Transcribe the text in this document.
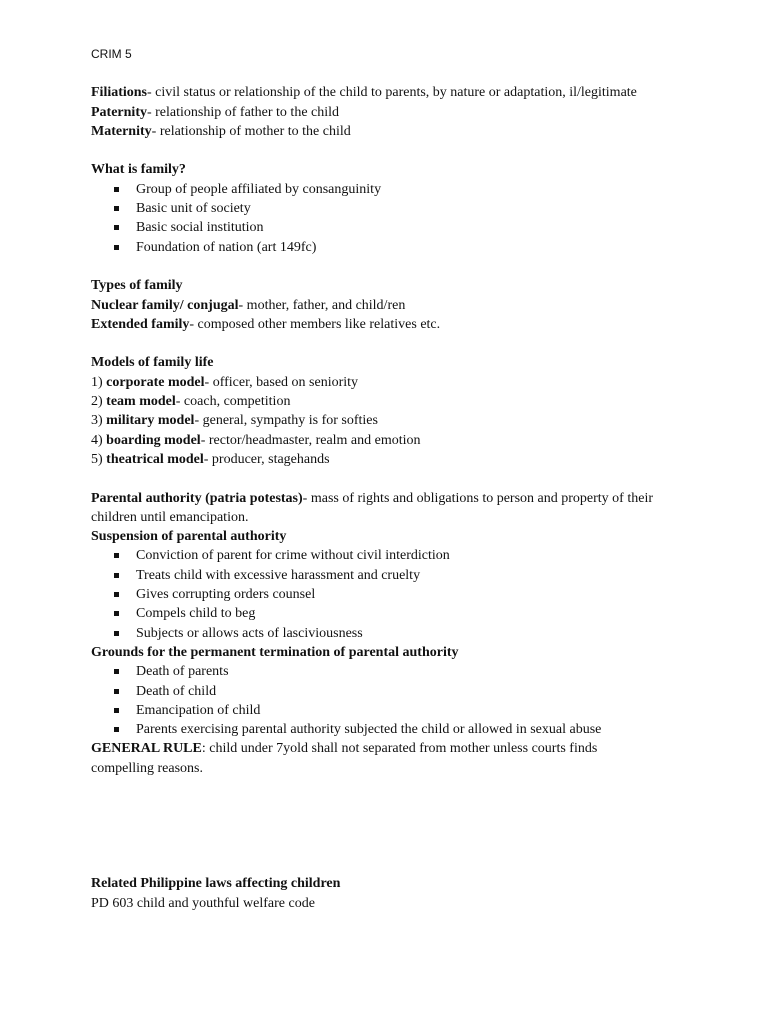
CRIM 5
Filiations- civil status or relationship of the child to parents, by nature or adaptation, il/legitimate
Paternity- relationship of father to the child
Maternity- relationship of mother to the child
What is family?
Group of people affiliated by consanguinity
Basic unit of society
Basic social institution
Foundation of nation (art 149fc)
Types of family
Nuclear family/ conjugal- mother, father, and child/ren
Extended family- composed other members like relatives etc.
Models of family life
1) corporate model- officer, based on seniority
2) team model- coach, competition
3) military model- general, sympathy is for softies
4) boarding model- rector/headmaster, realm and emotion
5) theatrical model- producer, stagehands
Parental authority (patria potestas)- mass of rights and obligations to person and property of their children until emancipation.
Suspension of parental authority
Conviction of parent for crime without civil interdiction
Treats child with excessive harassment and cruelty
Gives corrupting orders counsel
Compels child to beg
Subjects or allows acts of lasciviousness
Grounds for the permanent termination of parental authority
Death of parents
Death of child
Emancipation of child
Parents exercising parental authority subjected the child or allowed in sexual abuse
GENERAL RULE: child under 7yold shall not separated from mother unless courts finds compelling reasons.
Related Philippine laws affecting children
PD 603 child and youthful welfare code
